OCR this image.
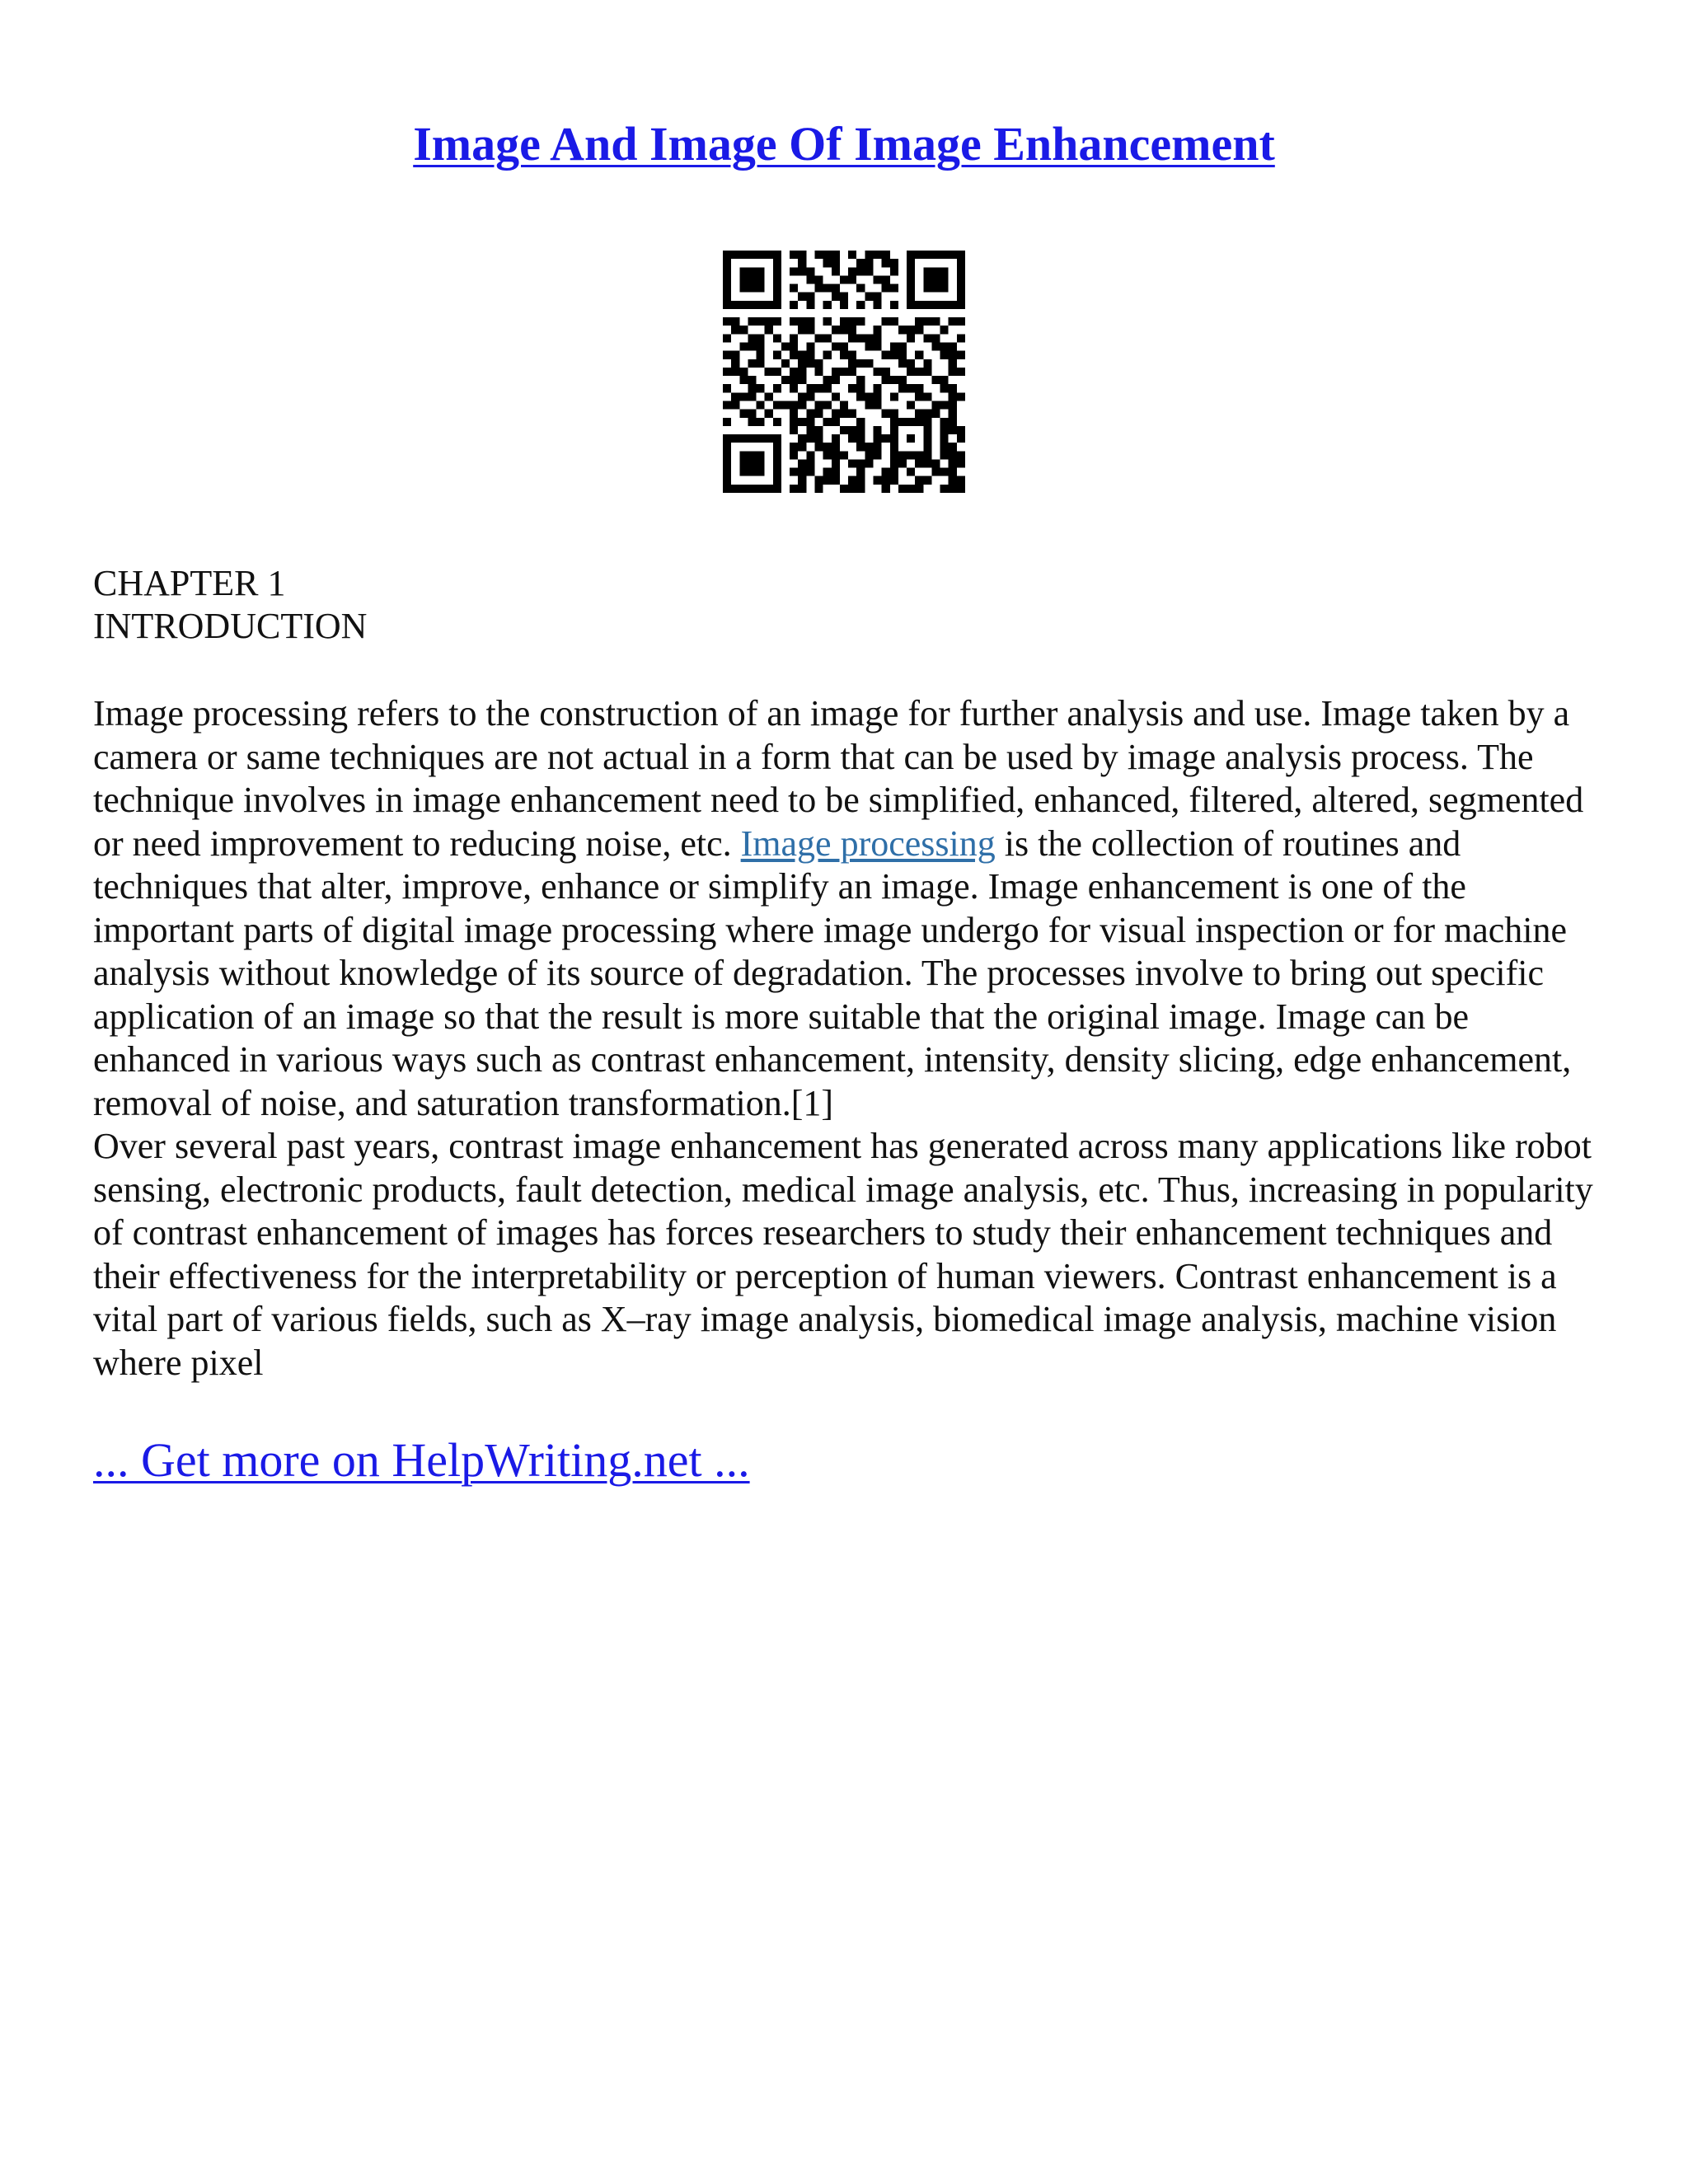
Image And Image Of Image Enhancement
CHAPTER 1
INTRODUCTION

Image processing refers to the construction of an image for further analysis and use. Image taken by a camera or same techniques are not actual in a form that can be used by image analysis process. The technique involves in image enhancement need to be simplified, enhanced, filtered, altered, segmented or need improvement to reducing noise, etc. Image processing is the collection of routines and techniques that alter, improve, enhance or simplify an image. Image enhancement is one of the important parts of digital image processing where image undergo for visual inspection or for machine analysis without knowledge of its source of degradation. The processes involve to bring out specific application of an image so that the result is more suitable that the original image. Image can be enhanced in various ways such as contrast enhancement, intensity, density slicing, edge enhancement, removal of noise, and saturation transformation.[1]

Over several past years, contrast image enhancement has generated across many applications like robot sensing, electronic products, fault detection, medical image analysis, etc. Thus, increasing in popularity of contrast enhancement of images has forces researchers to study their enhancement techniques and their effectiveness for the interpretability or perception of human viewers. Contrast enhancement is a vital part of various fields, such as X–ray image analysis, biomedical image analysis, machine vision where pixel

... Get more on HelpWriting.net ...
